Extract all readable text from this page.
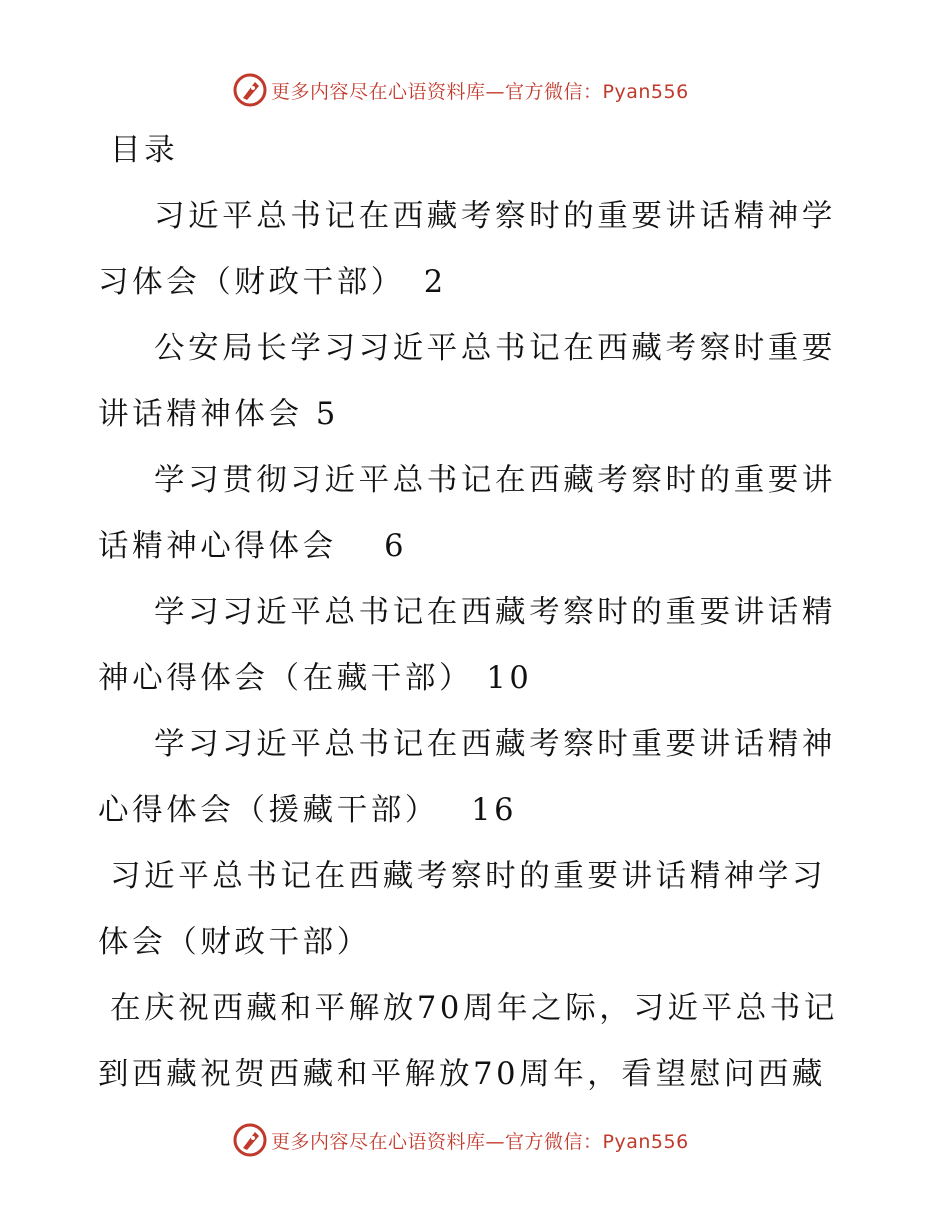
更多内容尽在心语资料库—官方微信：Pyan556

目录

习近平总书记在西藏考察时的重要讲话精神学

习体会（财政干部）　2

公安局长学习习近平总书记在西藏考察时重要

讲话精神体会 5

学习贯彻习近平总书记在西藏考察时的重要讲

话精神心得体会　 6

学习习近平总书记在西藏考察时的重要讲话精

神心得体会（在藏干部） 10

学习习近平总书记在西藏考察时重要讲话精神

心得体会（援藏干部）　 16

习近平总书记在西藏考察时的重要讲话精神学习

体会（财政干部）

在庆祝西藏和平解放70周年之际，习近平总书记

到西藏祝贺西藏和平解放70周年，看望慰问西藏

更多内容尽在心语资料库—官方微信：Pyan556
